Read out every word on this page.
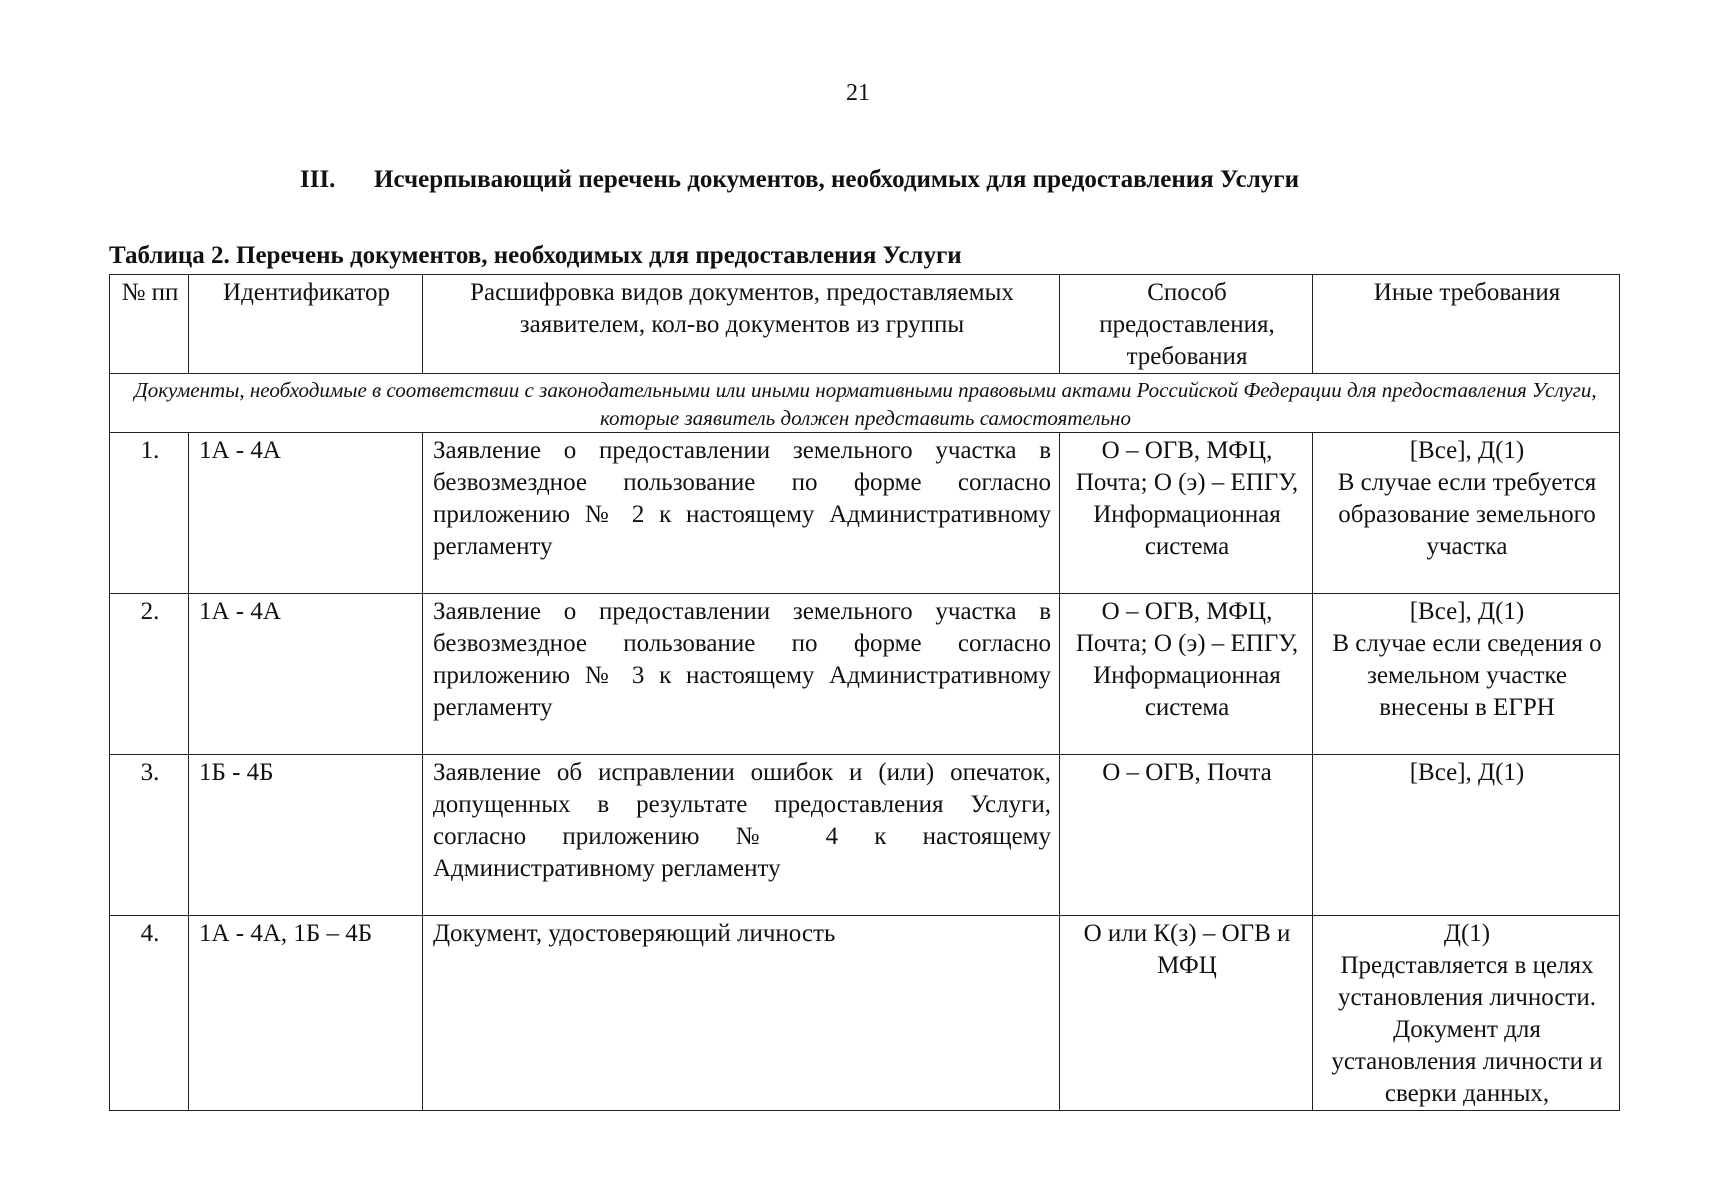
21
III. Исчерпывающий перечень документов, необходимых для предоставления Услуги
Таблица 2. Перечень документов, необходимых для предоставления Услуги
№ пп	Идентификатор	Расшифровка видов документов, предоставляемых заявителем, кол-во документов из группы	Способ предоставления, требования	Иные требования
Документы, необходимые в соответствии с законодательными или иными нормативными правовыми актами Российской Федерации для предоставления Услуги, которые заявитель должен представить самостоятельно				
1.	1А - 4А	Заявление о предоставлении земельного участка в безвозмездное пользование по форме согласно приложению № 2 к настоящему Административному регламенту	О – ОГВ, МФЦ, Почта; О (э) – ЕПГУ, Информационная система	[Все], Д(1)
В случае если требуется образование земельного участка

2.	1А - 4А	Заявление о предоставлении земельного участка в безвозмездное пользование по форме согласно приложению № 3 к настоящему Административному регламенту	О – ОГВ, МФЦ, Почта; О (э) – ЕПГУ, Информационная система	[Все], Д(1)
В случае если сведения о земельном участке внесены в ЕГРН

3.	1Б - 4Б	Заявление об исправлении ошибок и (или) опечаток, допущенных в результате предоставления Услуги, согласно приложению № 4 к настоящему Административному регламенту	О – ОГВ, Почта	[Все], Д(1)

4.	1А - 4А, 1Б – 4Б	Документ, удостоверяющий личность	О или К(з) – ОГВ и МФЦ	Д(1)
Представляется в целях установления личности. Документ для установления личности и сверки данных,
